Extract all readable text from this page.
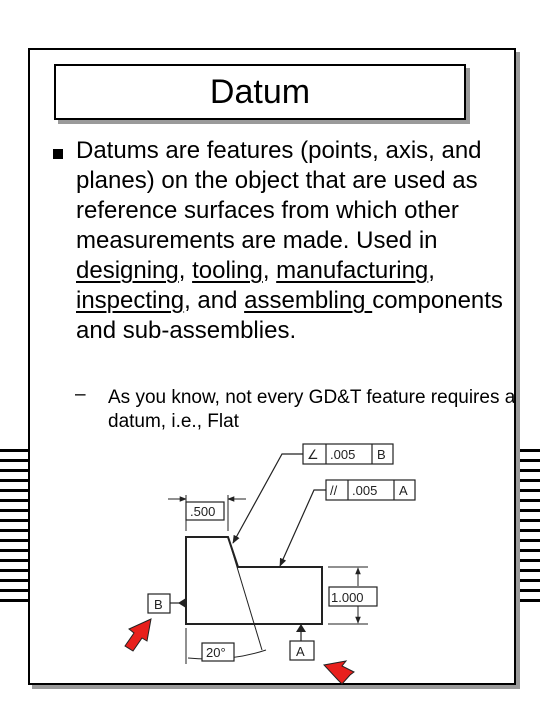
Datum
Datums are features (points, axis, and planes) on the object that are used as reference surfaces from which other measurements are made. Used in designing, tooling, manufacturing, inspecting, and assembling components and sub-assemblies.
– As you know, not every GD&T feature requires a datum, i.e., Flat
∠ .005 B
// .005 A
.500
1.000
20°
B
A
